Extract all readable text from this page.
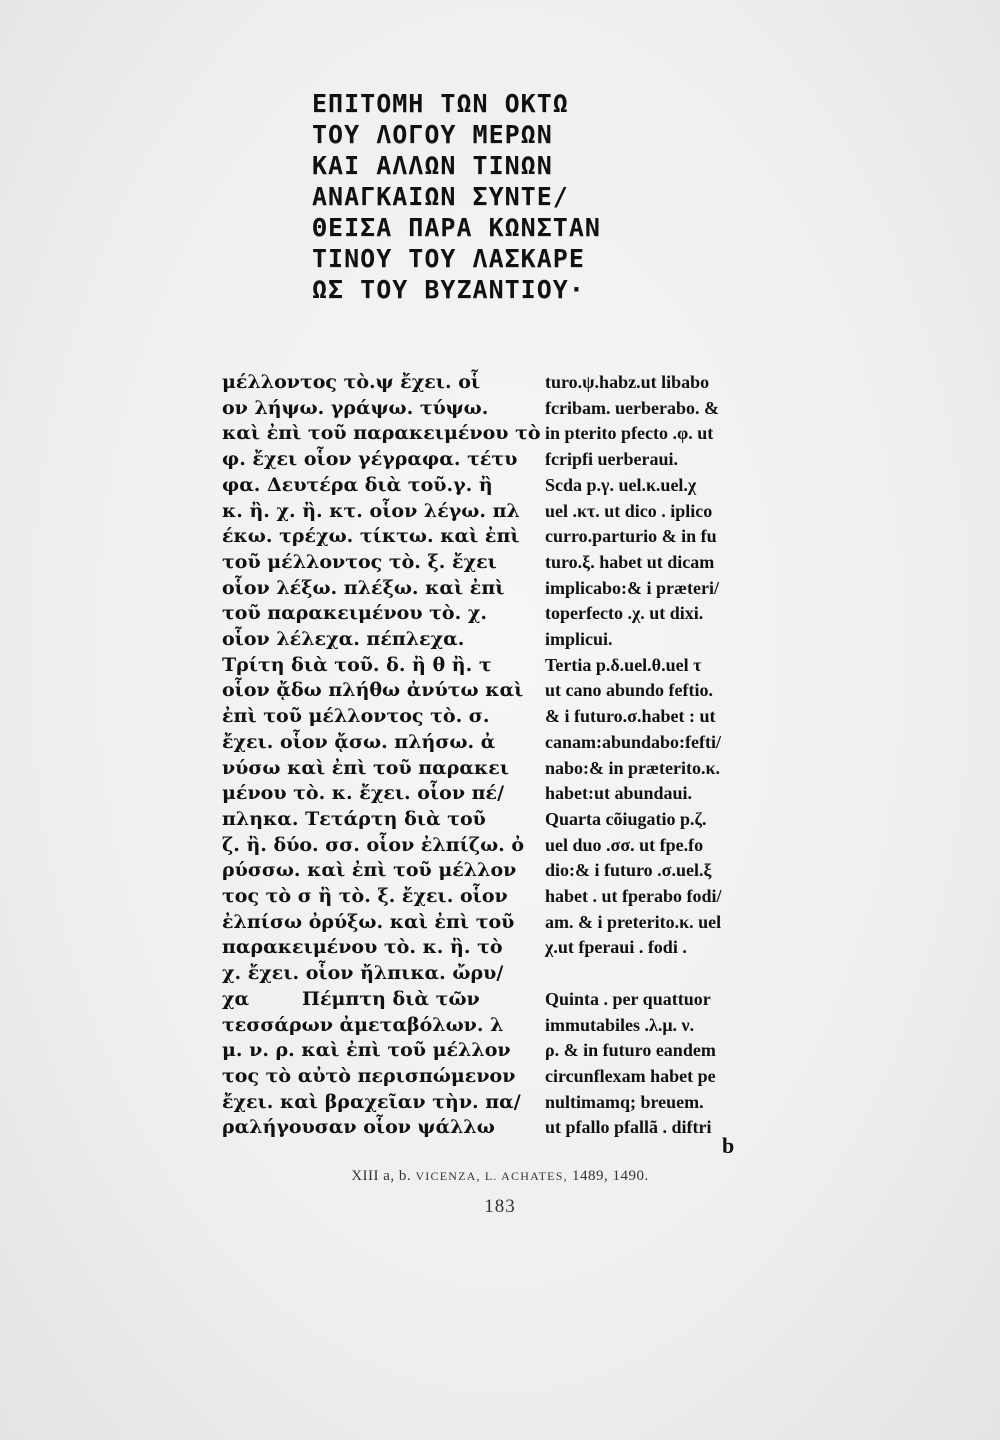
ΕΠΙΤΟΜΗ ΤΩΝ ΟΚΤΩ
ΤΟΥ ΛΟΓΟΥ ΜΕΡΩΝ
ΚΑΙ ΑΛΛΩΝ ΤΙΝΩΝ
ΑΝΑΓΚΑΙΩΝ ΣΥΝΤΕ/
ΘΕΙΣΑ ΠΑΡΑ ΚΩΝΣΤΑΝ
ΤΙΝΟΥ ΤΟΥ ΛΑΣΚΑΡΕ
ΩΣ ΤΟΥ ΒΥΖΑΝΤΙΟΥ·
μέλλοντος τὸ.ψ ἔχει. οἷ
ον λήψω. γράψω. τύψω.
καὶ ἐπὶ τοῦ παρακειμένου τὸ
φ. ἔχει οἷον γέγραφα. τέτυ
φα. Δευτέρα διὰ τοῦ.γ. ἢ
κ. ἢ. χ. ἢ. κτ. οἷον λέγω. πλ
έκω. τρέχω. τίκτω. καὶ ἐπὶ
τοῦ μέλλοντος τὸ. ξ. ἔχει
οἷον λέξω. πλέξω. καὶ ἐπὶ
τοῦ παρακειμένου τὸ. χ.
οἷον λέλεχα. πέπλεχα.
Τρίτη διὰ τοῦ. δ. ἢ θ ἢ. τ
οἷον ᾄδω πλήθω ἀνύτω καὶ
ἐπὶ τοῦ μέλλοντος τὸ. σ.
ἔχει. οἷον ᾄσω. πλήσω. ἀ
νύσω καὶ ἐπὶ τοῦ παρακει
μένου τὸ. κ. ἔχει. οἷον πέ/
πληκα. Τετάρτη διὰ τοῦ
ζ. ἢ. δύο. σσ. οἷον ἐλπίζω. ὀ
ρύσσω. καὶ ἐπὶ τοῦ μέλλον
τος τὸ σ ἢ τὸ. ξ. ἔχει. οἷον
ἐλπίσω ὀρύξω. καὶ ἐπὶ τοῦ
παρακειμένου τὸ. κ. ἢ. τὸ
χ. ἔχει. οἷον ἤλπικα. ὤρυ/
χα        Πέμπτη διὰ τῶν
τεσσάρων ἀμεταβόλων. λ
μ. ν. ρ. καὶ ἐπὶ τοῦ μέλλον
τος τὸ αὐτὸ περισπώμενον
ἔχει. καὶ βραχεῖαν τὴν. πα/
ραλήγουσαν οἷον ψάλλω
turo.ψ.habz.ut libabo
fcribam. uerberabo. &
in pterito pfecto .φ. ut
fcripfi uerberaui.
Scda p.γ. uel.κ.uel.χ
uel .κτ. ut dico . iplico
curro.parturio & in fu
turo.ξ. habet ut dicam
implicabo:& i præteri/
toperfecto .χ. ut dixi.
implicui.
Tertia p.δ.uel.θ.uel τ
ut cano abundo feftio.
& i futuro.σ.habet : ut
canam:abundabo:fefti/
nabo:& in præterito.κ.
habet:ut abundaui.
Quarta cõiugatio p.ζ.
uel duo .σσ. ut fpe.fo
dio:& i futuro .σ.uel.ξ
habet . ut fperabo fodi/
am. & i preterito.κ. uel
χ.ut fperaui . fodi .
Quinta . per quattuor
immutabiles .λ.μ. ν.
ρ. & in futuro eandem
circunflexam habet pe
nultimamq; breuem.
ut pfallo pfallã . diftri
b
XIII a, b. VICENZA, L. ACHATES, 1489, 1490.
183
